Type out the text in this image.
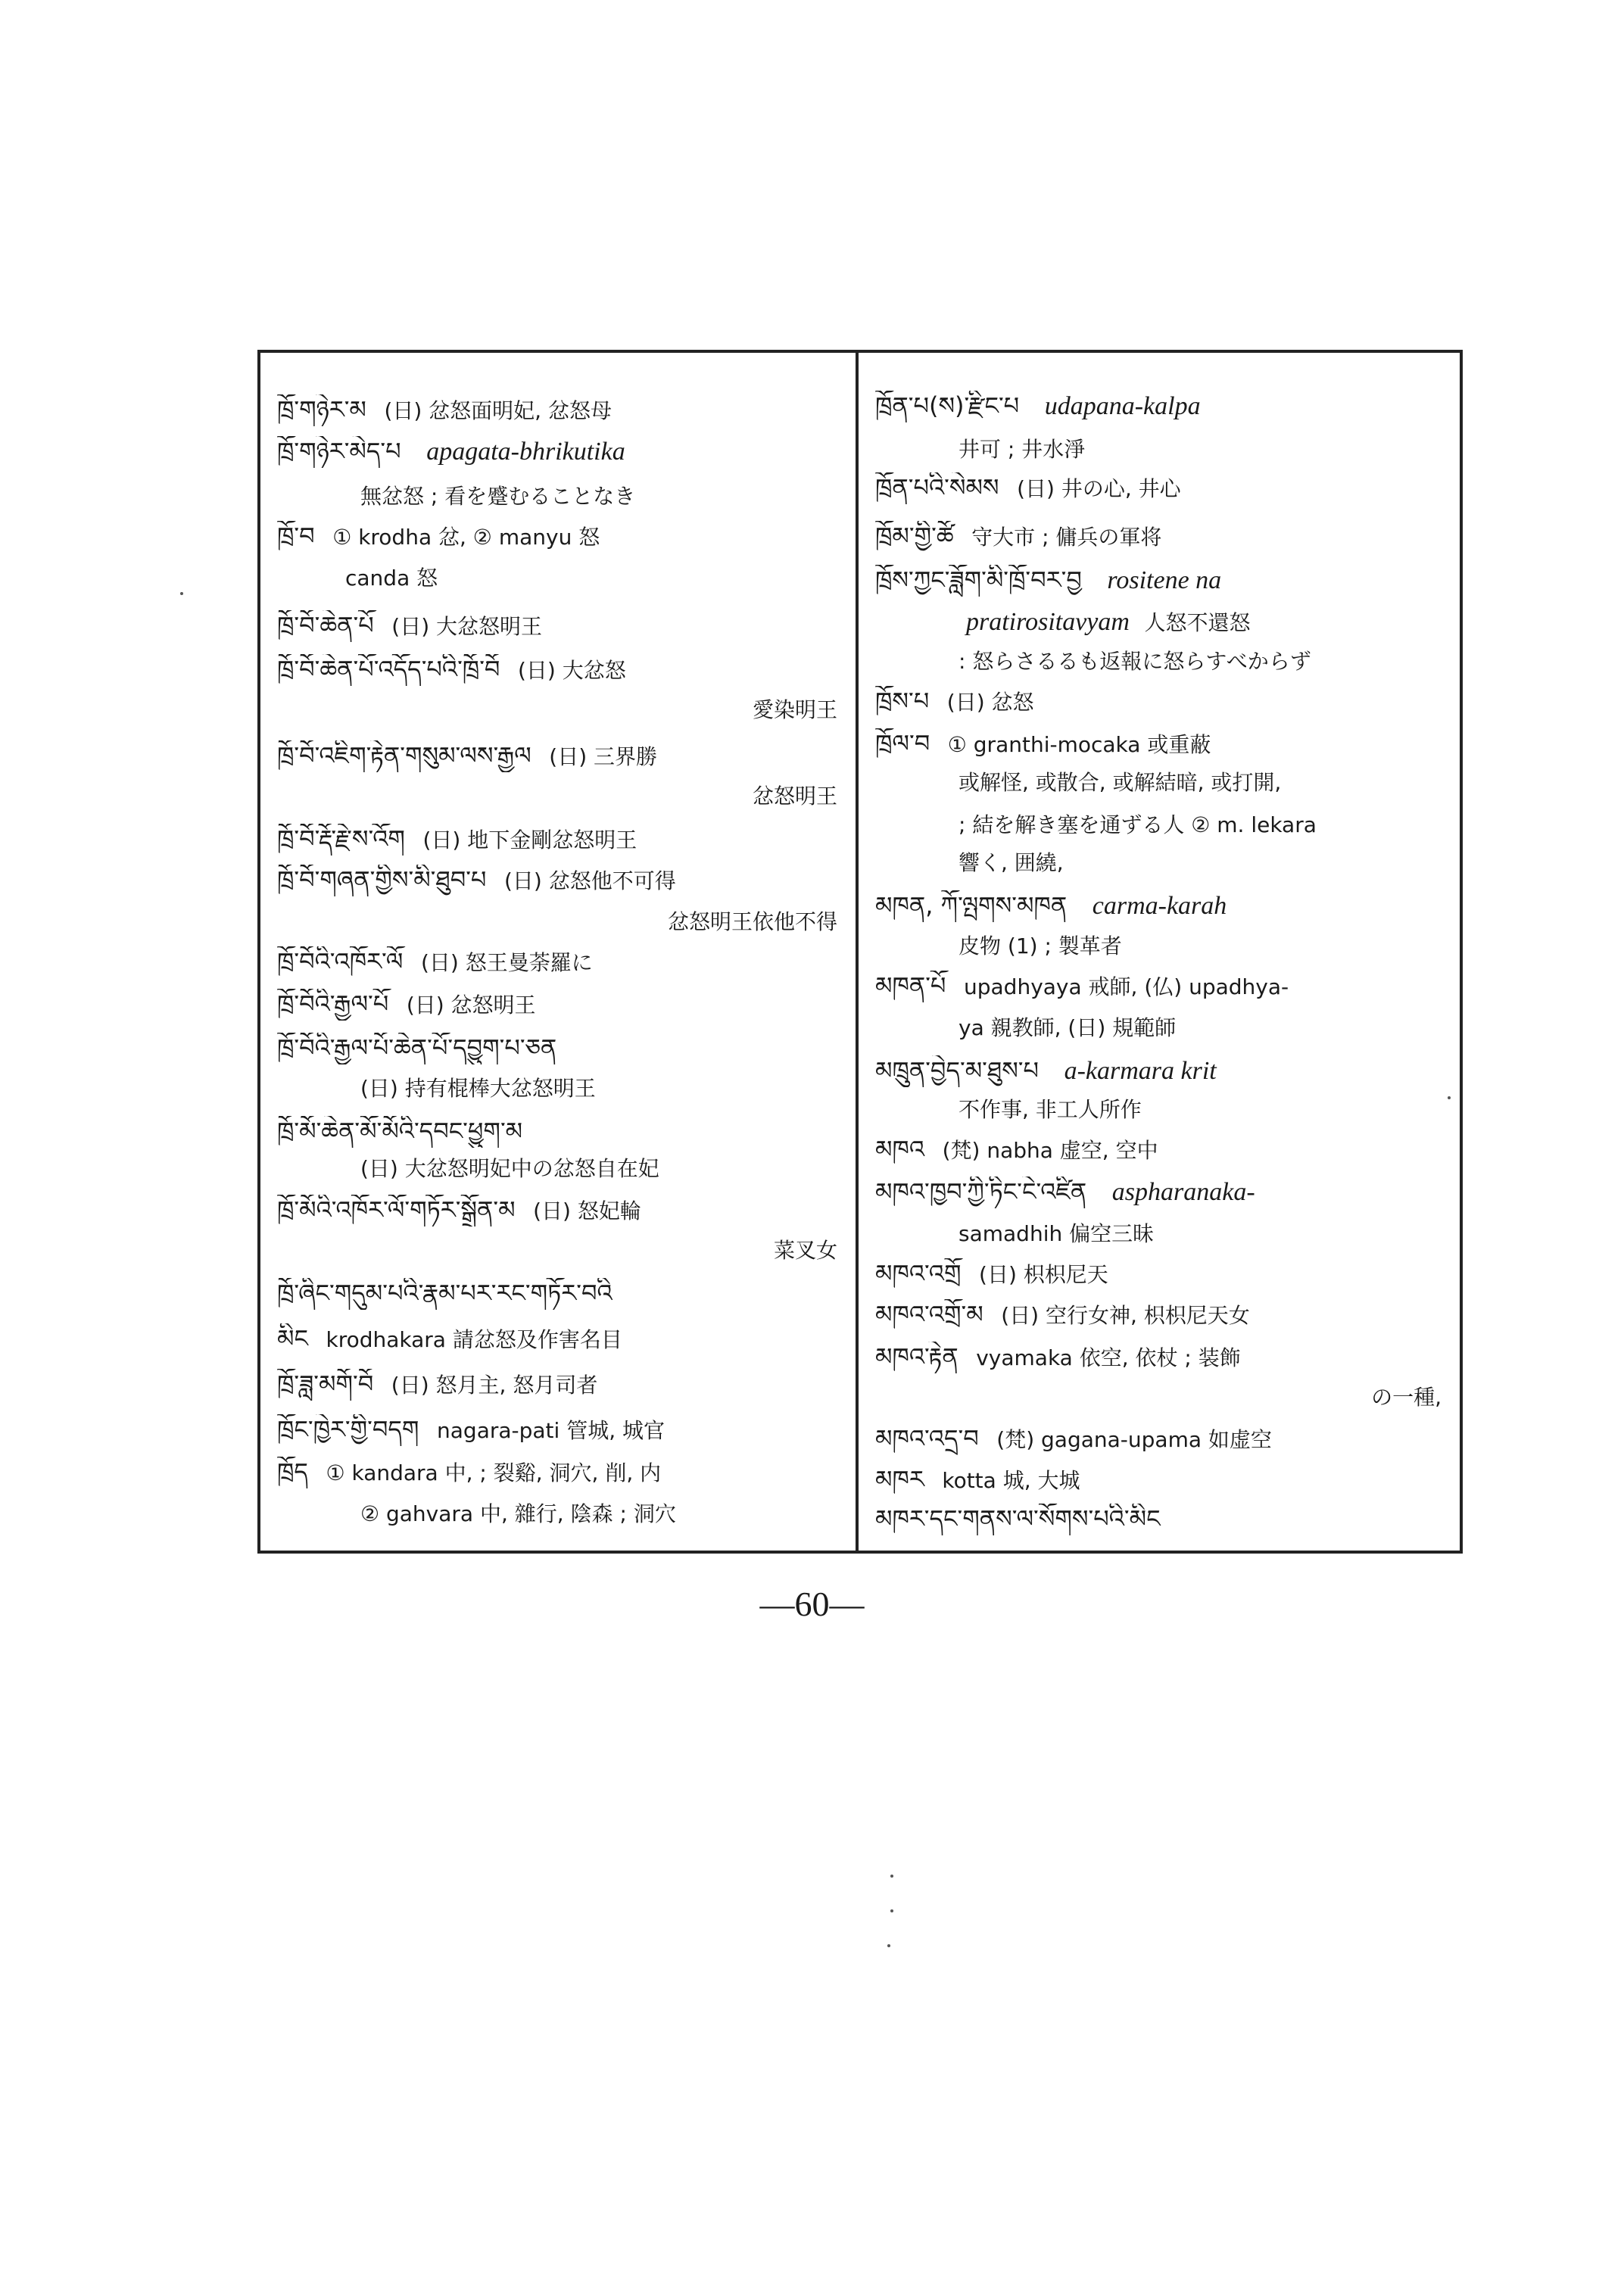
ཁྲོ་གཉེར་མ (日) 忿怒面明妃, 忿怒母
ཁྲོ་གཉེར་མེད་པ apagata-bhrikutika
無忿怒 ; 看を蹙むることなき
ཁྲོ་བ ① krodha 忿, ② manyu 怒
canda 怒
ཁྲོ་བོ་ཆེན་པོ (日) 大忿怒明王
ཁྲོ་བོ་ཆེན་པོ་འདོད་པའི་ཁྲོ་བོ (日) 大忿怒
愛染明王
ཁྲོ་བོ་འཇིག་རྟེན་གསུམ་ལས་རྒྱལ (日) 三界勝
忿怒明王
ཁྲོ་བོ་རྡོ་རྗེ་ས་འོག (日) 地下金剛忿怒明王
ཁྲོ་བོ་གཞན་གྱིས་མི་ཐུབ་པ (日) 忿怒他不可得
忿怒明王依他不得
ཁྲོ་བོའི་འཁོར་ལོ (日) 怒王曼荼羅に
ཁྲོ་བོའི་རྒྱལ་པོ (日) 忿怒明王
ཁྲོ་བོའི་རྒྱལ་པོ་ཆེན་པོ་དབྱུག་པ་ཅན
(日) 持有棍棒大忿怒明王
ཁྲོ་མོ་ཆེན་མོ་མོའི་དབང་ཕྱུག་མ
(日) 大忿怒明妃中の忿怒自在妃
ཁྲོ་མོའི་འཁོར་ལོ་གཏོར་སྒྲོན་མ (日) 怒妃輪
菜叉女
ཁྲོ་ཞིང་གདུམ་པའི་རྣམ་པར་རང་གཏོར་བའི
མིང krodhakara 請忿怒及作害名目
ཁྲོ་ཟླ་མགོ་བོ (日) 怒月主, 怒月司者
ཁྲོང་ཁྱེར་གྱི་བདག nagara-pati 管城, 城官
ཁྲོད ① kandara 中, ; 裂谿, 洞穴, 削, 内
② gahvara 中, 雜行, 陰森 ; 洞穴
ཁྲོན་པ(ས)་རྫིང་པ udapana-kalpa
井可 ; 井水淨
ཁྲོན་པའི་སེམས (日) 井の心, 井心
ཁྲོམ་གྱི་ཚོ 守大市 ; 傭兵の軍将
ཁྲོས་ཀྱང་ཟློག་མི་ཁྲོ་བར་བྱ rositene na
pratirositavyam 人怒不還怒
: 怒らさるるも返報に怒らすべからず
ཁྲོས་པ (日) 忿怒
ཁྲོལ་བ ① granthi-mocaka 或重蔽
或解怪, 或散合, 或解結暗, 或打開,
; 結を解き塞を通ずる人 ② m. lekara
響く, 囲繞,
མཁན, ཀོ་ལྤགས་མཁན carma-karah
皮物 (1) ; 製革者
མཁན་པོ upadhyaya 戒師, (仏) upadhya-
ya 親教師, (日) 規範師
མཁྲུན་བྱེད་མ་ཐུས་པ a-karmara krit
不作事, 非工人所作
མཁའ (梵) nabha 虚空, 空中
མཁའ་ཁྱབ་ཀྱི་ཏིང་ངེ་འཛིན aspharanaka-
samadhih 偏空三昧
མཁའ་འགྲོ (日) 枳枳尼天
མཁའ་འགྲོ་མ (日) 空行女神, 枳枳尼天女
མཁའ་རྟེན vyamaka 依空, 依杖 ; 装飾
の一種,
མཁའ་འདྲ་བ (梵) gagana-upama 如虚空
མཁར kotta 城, 大城
མཁར་དང་གནས་ལ་སོགས་པའི་མིང
—60—
